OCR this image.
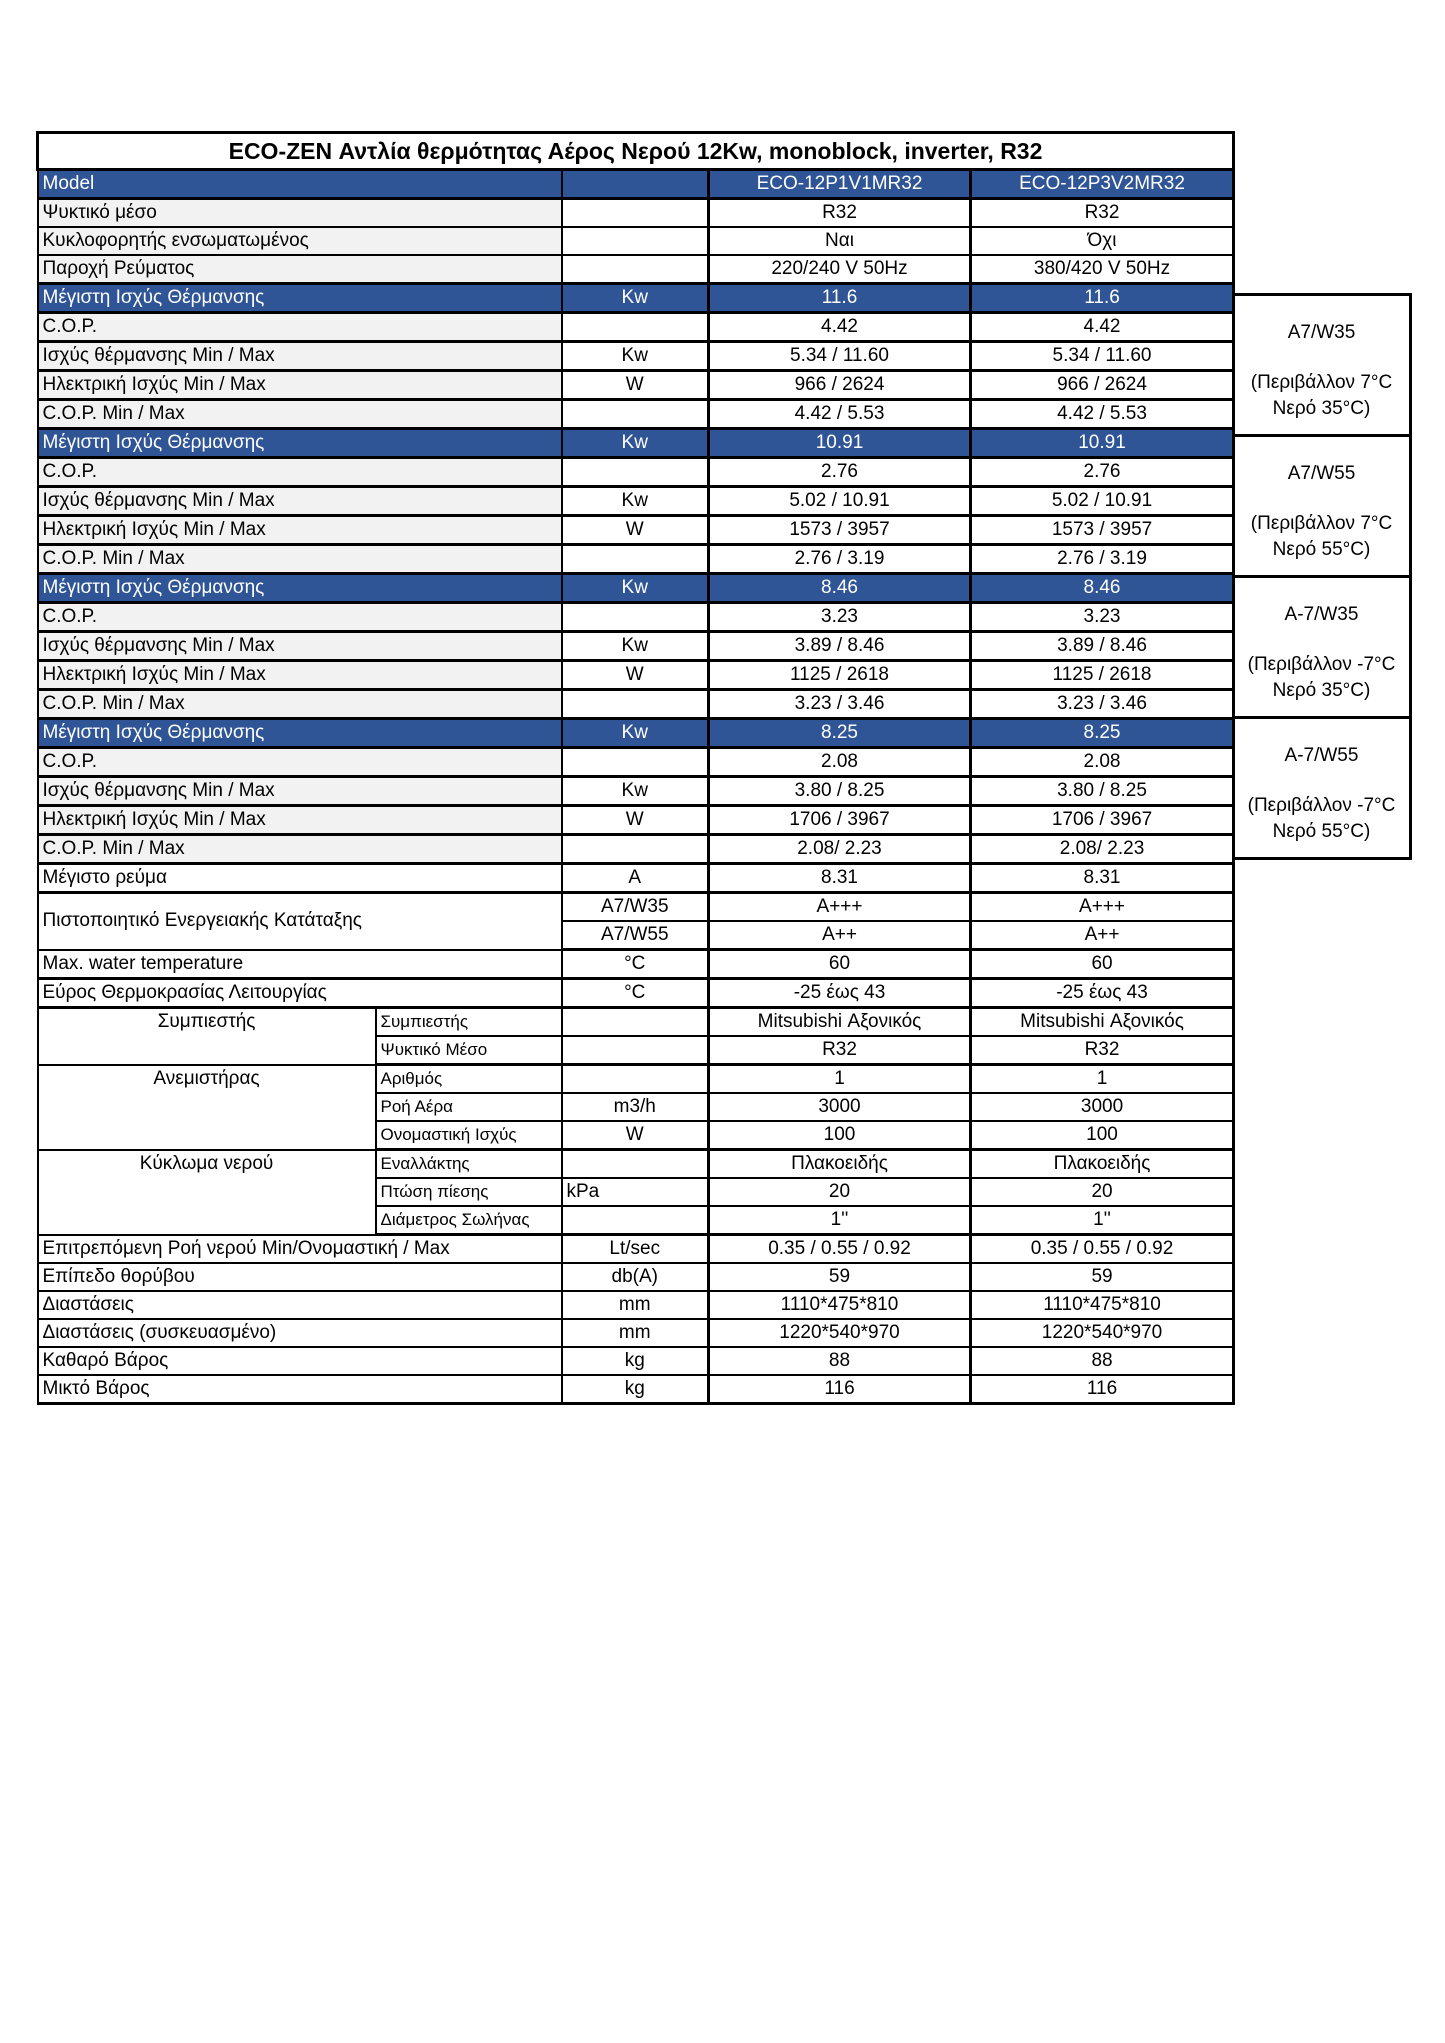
ECO-ZEN Αντλία θερμότητας Αέρος Νερού 12Kw, monoblock, inverter, R32				
Model			ECO-12P1V1MR32	ECO-12P3V2MR32
Ψυκτικό μέσο			R32	R32
Κυκλοφορητής ενσωματωμένος			Ναι	Όχι
Παροχή Ρεύματος			220/240 V 50Hz	380/420 V 50Hz
Μέγιστη Ισχύς Θέρμανσης		Kw	11.6	11.6
C.O.P.			4.42	4.42
Ισχύς θέρμανσης Min / Max		Kw	5.34 / 11.60	5.34 / 11.60
Ηλεκτρική Ισχύς Min / Max		W	966 / 2624	966 / 2624
C.O.P. Min / Max			4.42 / 5.53	4.42 / 5.53
Μέγιστη Ισχύς Θέρμανσης		Kw	10.91	10.91
C.O.P.			2.76	2.76
Ισχύς θέρμανσης Min / Max		Kw	5.02 / 10.91	5.02 / 10.91
Ηλεκτρική Ισχύς Min / Max		W	1573 / 3957	1573 / 3957
C.O.P. Min / Max			2.76 / 3.19	2.76 / 3.19
Μέγιστη Ισχύς Θέρμανσης		Kw	8.46	8.46
C.O.P.			3.23	3.23
Ισχύς θέρμανσης Min / Max		Kw	3.89 / 8.46	3.89 / 8.46
Ηλεκτρική Ισχύς Min / Max		W	1125 / 2618	1125 / 2618
C.O.P. Min / Max			3.23 / 3.46	3.23 / 3.46
Μέγιστη Ισχύς Θέρμανσης		Kw	8.25	8.25
C.O.P.			2.08	2.08
Ισχύς θέρμανσης Min / Max		Kw	3.80 / 8.25	3.80 / 8.25
Ηλεκτρική Ισχύς Min / Max		W	1706 / 3967	1706 / 3967
C.O.P. Min / Max			2.08/ 2.23	2.08/ 2.23
Μέγιστο ρεύμα		A	8.31	8.31
Πιστοποιητικό Ενεργειακής Κατάταξης		A7/W35	A+++	A+++
		A7/W55	A++	A++
Max. water temperature		°C	60	60
Εύρος Θερμοκρασίας Λειτουργίας		°C	-25 έως 43	-25 έως 43
Συμπιεστής	Συμπιεστής		Mitsubishi Αξονικός	Mitsubishi Αξονικός
	Ψυκτικό Μέσο		R32	R32
Ανεμιστήρας	Αριθμός		1	1
	Ροή Αέρα	m3/h	3000	3000
	Ονομαστική Ισχύς	W	100	100
Κύκλωμα νερού	Εναλλάκτης		Πλακοειδής	Πλακοειδής
	Πτώση πίεσης	kPa	20	20
	Διάμετρος Σωλήνας		1''	1''
Επιτρεπόμενη Ροή νερού Min/Ονομαστική / Max		Lt/sec	0.35 / 0.55 / 0.92	0.35 / 0.55 / 0.92
Επίπεδο θορύβου		db(A)	59	59
Διαστάσεις		mm	1110*475*810	1110*475*810
Διαστάσεις (συσκευασμένο)		mm	1220*540*970	1220*540*970
Καθαρό Βάρος		kg	88	88
Μικτό Βάρος		kg	116	116
A7/W35
(Περιβάλλον 7°C
Νερό 35°C)
A7/W55
(Περιβάλλον 7°C
Νερό 55°C)
A-7/W35
(Περιβάλλον -7°C
Νερό 35°C)
A-7/W55
(Περιβάλλον -7°C
Νερό 55°C)
